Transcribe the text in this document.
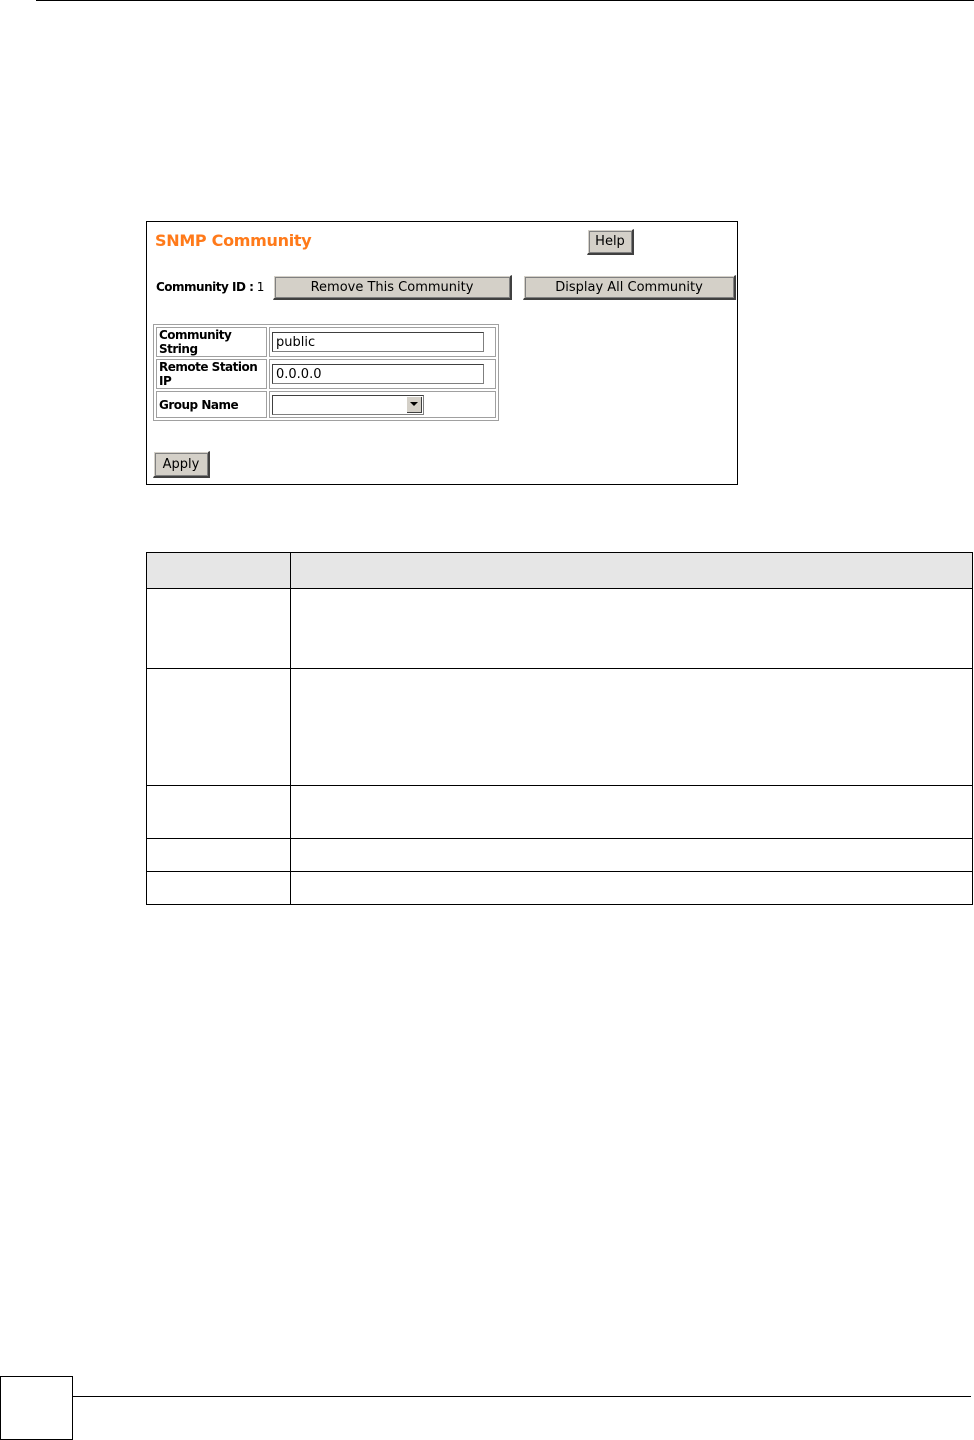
SNMP Community	Help
Community ID : 1	Remove This Community	Display All Community
Community String	public
Remote Station IP	0.0.0.0
Group Name	
Apply
